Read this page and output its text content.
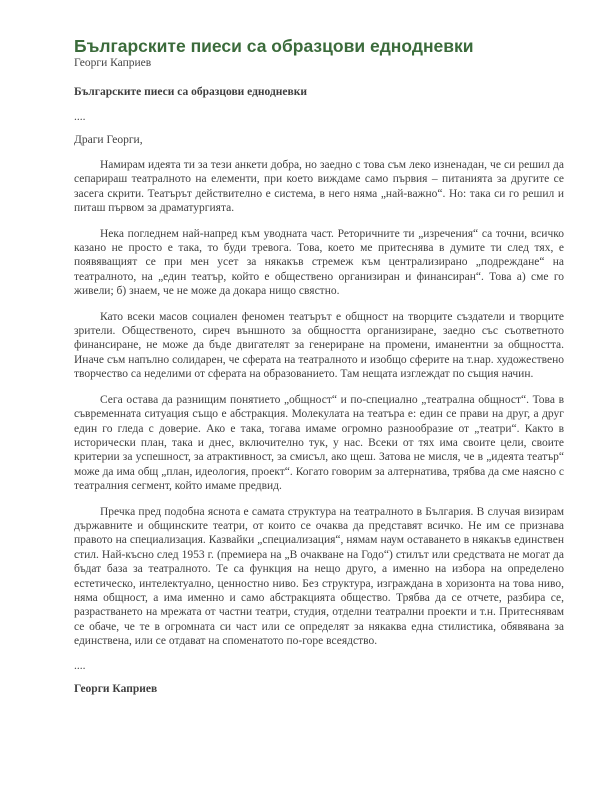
Българските пиеси са образцови еднодневки

Георги Каприев

Българските пиеси са образцови еднодневки

....

Драги Георги,

Намирам идеята ти за тези анкети добра, но заедно с това съм леко изненадан, че си решил да сепарираш театралното на елементи, при което виждаме само първия – питанията за другите се засега скрити. Театърът действително е система, в него няма „най-важно“. Но: така си го решил и питаш първом за драматургията.

Нека погледнем най-напред към уводната част. Реторичните ти „изречения“ са точни, всичко казано не просто е така, то буди тревога. Това, което ме притеснява в думите ти след тях, е появяващият се при мен усет за някакъв стремеж към централизирано „подреждане“ на театралното, на „един театър, който е обществено организиран и финансиран“. Това а) сме го живели; б) знаем, че не може да докара нищо свястно.

Като всеки масов социален феномен театърът е общност на творците създатели и творците зрители. Общественото, сиреч външното за общността организиране, заедно със съответното финансиране, не може да бъде двигателят за генериране на промени, иманентни за общността. Иначе съм напълно солидарен, че сферата на театралното и изобщо сферите на т.нар. художествено творчество са неделими от сферата на образованието. Там нещата изглеждат по същия начин.

Сега остава да разнищим понятието „общност“ и по-специално „театрална общност“. Това в съвременната ситуация също е абстракция. Молекулата на театъра е: един се прави на друг, а друг един го гледа с доверие. Ако е така, тогава имаме огромно разнообразие от „театри“. Както в исторически план, така и днес, включително тук, у нас. Всеки от тях има своите цели, своите критерии за успешност, за атрактивност, за смисъл, ако щеш. Затова не мисля, че в „идеята театър“ може да има общ „план, идеология, проект“. Когато говорим за алтернатива, трябва да сме наясно с театралния сегмент, който имаме предвид.

Пречка пред подобна яснота е самата структура на театралното в България. В случая визирам държавните и общинските театри, от които се очаква да представят всичко. Не им се признава правото на специализация. Казвайки „специализация“, нямам наум оставането в някакъв единствен стил. Най-късно след 1953 г. (премиера на „В очакване на Годо“) стилът или средствата не могат да бъдат база за театралното. Те са функция на нещо друго, а именно на избора на определено естетическо, интелектуално, ценностно ниво. Без структура, изграждана в хоризонта на това ниво, няма общност, а има именно и само абстракцията общество. Трябва да се отчете, разбира се, разрастването на мрежата от частни театри, студия, отделни театрални проекти и т.н. Притеснявам се обаче, че те в огромната си част или се определят за някаква една стилистика, обявявана за единствена, или се отдават на споменатото по-горе всеядство.

....

Георги Каприев
